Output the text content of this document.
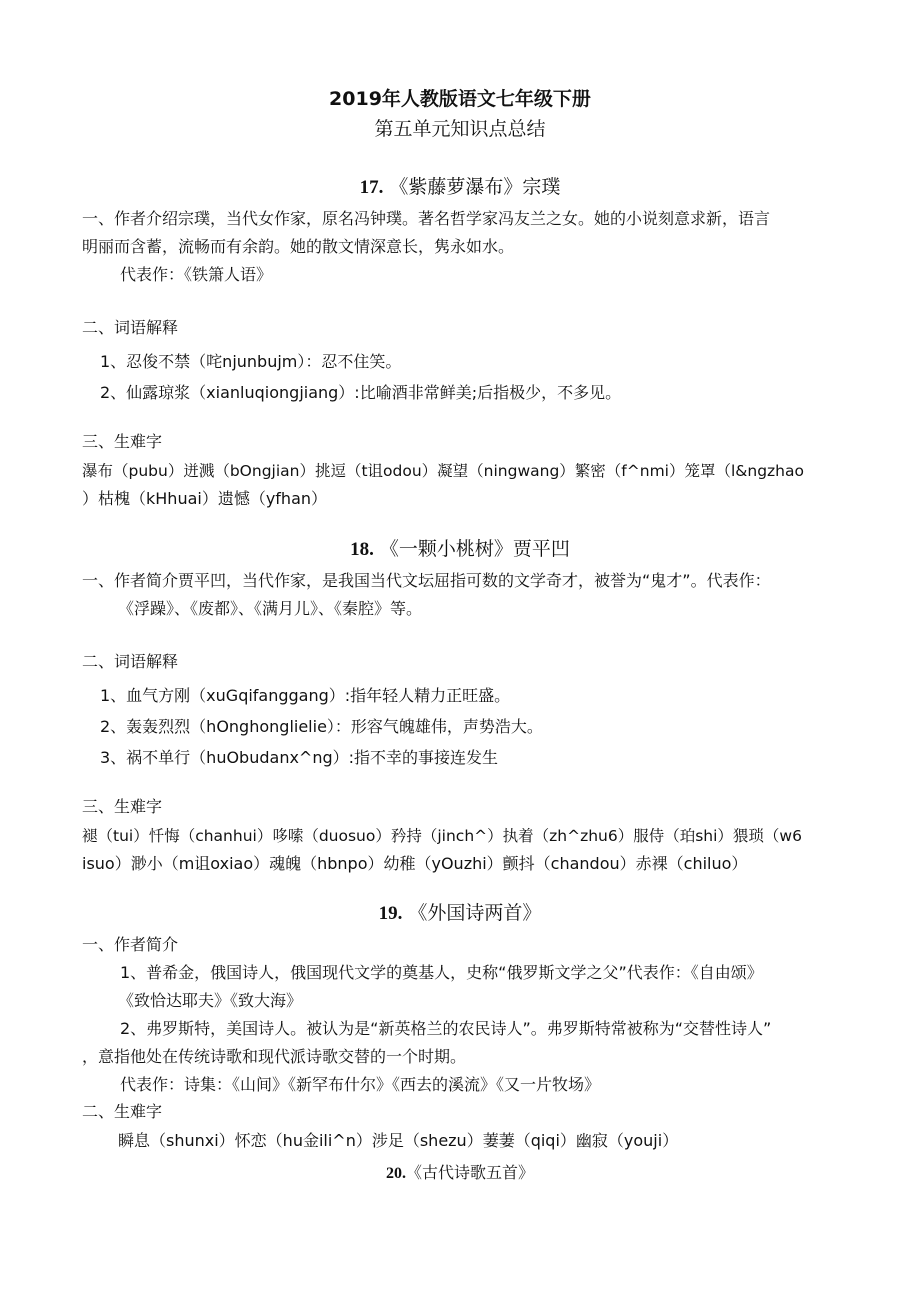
2019年人教版语文七年级下册
第五单元知识点总结
17. 《紫藤萝瀑布》宗璞
一、作者介绍宗璞，当代女作家，原名冯钟璞。著名哲学家冯友兰之女。她的小说刻意求新，语言
明丽而含蓄，流畅而有余韵。她的散文情深意长，隽永如水。
代表作：《铁箫人语》
二、词语解释
1、忍俊不禁（咤njunbujm）：忍不住笑。
2、仙露琼浆（xianluqiongjiang）:比喻酒非常鲜美;后指极少，不多见。
三、生难字
瀑布（pubu）迸溅（bOngjian）挑逗（t诅odou）凝望（ningwang）繁密（f^nmi）笼罩（l&ngzhao
）枯槐（kHhuai）遗憾（yfhan）
18. 《一颗小桃树》贾平凹
一、作者简介贾平凹，当代作家，是我国当代文坛屈指可数的文学奇才，被誉为“鬼才”。代表作：
《浮躁》、《废都》、《满月儿》、《秦腔》等。
二、词语解释
1、血气方刚（xuGqifanggang）:指年轻人精力正旺盛。
2、轰轰烈烈（hOnghonglielie）：形容气魄雄伟，声势浩大。
3、祸不单行（huObudanx^ng）:指不幸的事接连发生
三、生难字
褪（tui）忏悔（chanhui）哆嗦（duosuo）矜持（jinch^）执着（zh^zhu6）服侍（珀shi）猥琐（w6
isuo）渺小（m诅oxiao）魂魄（hbnpo）幼稚（yOuzhi）颤抖（chandou）赤裸（chiluo）
19. 《外国诗两首》
一、作者简介
1、普希金，俄国诗人，俄国现代文学的奠基人，史称“俄罗斯文学之父”代表作：《自由颂》
《致恰达耶夫》《致大海》
2、弗罗斯特，美国诗人。被认为是“新英格兰的农民诗人”。弗罗斯特常被称为“交替性诗人”
，意指他处在传统诗歌和现代派诗歌交替的一个时期。
代表作：诗集：《山间》《新罕布什尔》《西去的溪流》《又一片牧场》
二、生难字
瞬息（shunxi）怀恋（hu金ili^n）涉足（shezu）萋萋（qiqi）幽寂（youji）
20.《古代诗歌五首》
